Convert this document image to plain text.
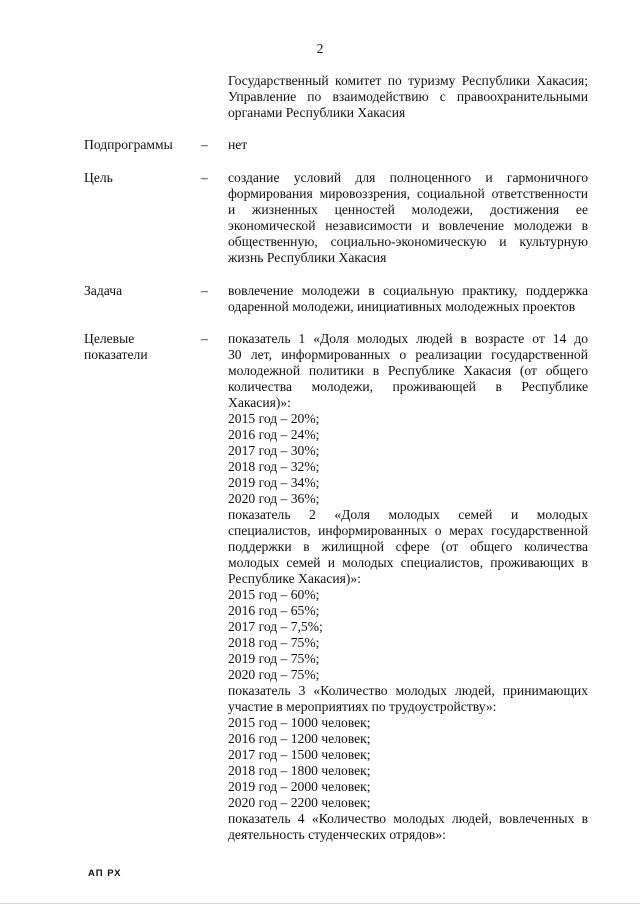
2
Государственный комитет по туризму Республики Хакасия;
Управление по взаимодействию с правоохранительными
органами Республики Хакасия
Подпрограммы – нет
Цель	– создание условий для полноценного и гармоничного
формирования мировоззрения, социальной ответственности
и жизненных ценностей молодежи, достижения ее
экономической независимости и вовлечение молодежи в
общественную, социально-экономическую и культурную
жизнь Республики Хакасия
Задача	– вовлечение молодежи в социальную практику, поддержка
одаренной молодежи, инициативных молодежных проектов
Целевые
показатели
– показатель 1 «Доля молодых людей в возрасте от 14 до
30 лет, информированных о реализации государственной
молодежной политики в Республике Хакасия (от общего
количества молодежи, проживающей в Республике
Хакасия)»:
2015 год – 20%;
2016 год – 24%;
2017 год – 30%;
2018 год – 32%;
2019 год – 34%;
2020 год – 36%;
показатель 2 «Доля молодых семей и молодых
специалистов, информированных о мерах государственной
поддержки в жилищной сфере (от общего количества
молодых семей и молодых специалистов, проживающих в
Республике Хакасия)»:
2015 год – 60%;
2016 год – 65%;
2017 год – 7,5%;
2018 год – 75%;
2019 год – 75%;
2020 год – 75%;
показатель 3 «Количество молодых людей, принимающих
участие в мероприятиях по трудоустройству»:
2015 год – 1000 человек;
2016 год – 1200 человек;
2017 год – 1500 человек;
2018 год – 1800 человек;
2019 год – 2000 человек;
2020 год – 2200 человек;
показатель 4 «Количество молодых людей, вовлеченных в
деятельность студенческих отрядов»:
АП РХ
